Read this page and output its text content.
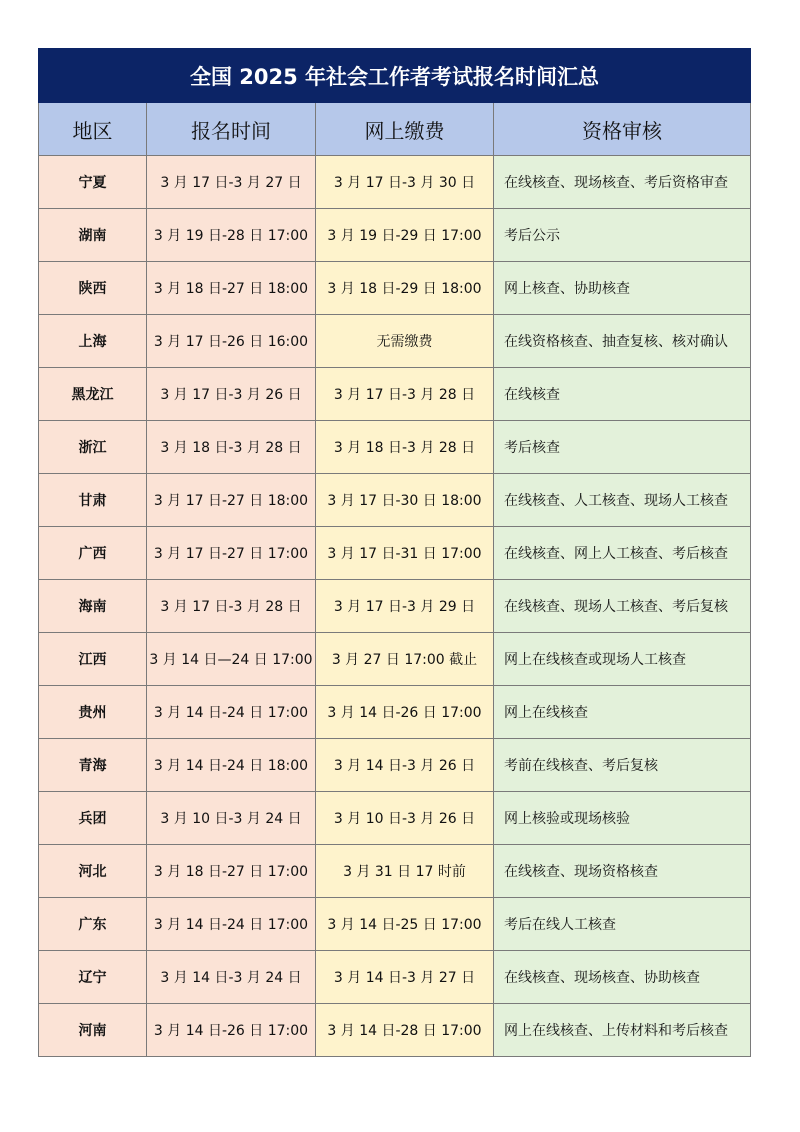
全国 2025 年社会工作者考试报名时间汇总			
地区	报名时间	网上缴费	资格审核
宁夏	3 月 17 日-3 月 27 日	3 月 17 日-3 月 30 日	在线核查、现场核查、考后资格审查
湖南	3 月 19 日-28 日 17:00	3 月 19 日-29 日 17:00	考后公示
陕西	3 月 18 日-27 日 18:00	3 月 18 日-29 日 18:00	网上核查、协助核查
上海	3 月 17 日-26 日 16:00	无需缴费	在线资格核查、抽查复核、核对确认
黑龙江	3 月 17 日-3 月 26 日	3 月 17 日-3 月 28 日	在线核查
浙江	3 月 18 日-3 月 28 日	3 月 18 日-3 月 28 日	考后核查
甘肃	3 月 17 日-27 日 18:00	3 月 17 日-30 日 18:00	在线核查、人工核查、现场人工核查
广西	3 月 17 日-27 日 17:00	3 月 17 日-31 日 17:00	在线核查、网上人工核查、考后核查
海南	3 月 17 日-3 月 28 日	3 月 17 日-3 月 29 日	在线核查、现场人工核查、考后复核
江西	3 月 14 日—24 日 17:00	3 月 27 日 17:00 截止	网上在线核查或现场人工核查
贵州	3 月 14 日-24 日 17:00	3 月 14 日-26 日 17:00	网上在线核查
青海	3 月 14 日-24 日 18:00	3 月 14 日-3 月 26 日	考前在线核查、考后复核
兵团	3 月 10 日-3 月 24 日	3 月 10 日-3 月 26 日	网上核验或现场核验
河北	3 月 18 日-27 日 17:00	3 月 31 日 17 时前	在线核查、现场资格核查
广东	3 月 14 日-24 日 17:00	3 月 14 日-25 日 17:00	考后在线人工核查
辽宁	3 月 14 日-3 月 24 日	3 月 14 日-3 月 27 日	在线核查、现场核查、协助核查
河南	3 月 14 日-26 日 17:00	3 月 14 日-28 日 17:00	网上在线核查、上传材料和考后核查
